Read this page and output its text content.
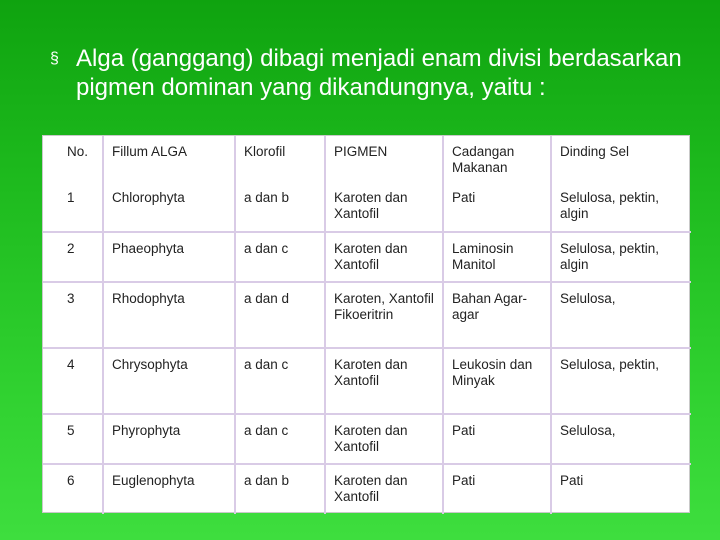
§ Alga (ganggang) dibagi menjadi enam divisi berdasarkan pigmen dominan yang dikandungnya, yaitu :
No.	Fillum ALGA	Klorofil	PIGMEN	Cadangan Makanan	Dinding Sel
1	Chlorophyta	a dan b	Karoten dan Xantofil	Pati	Selulosa, pektin, algin
2	Phaeophyta	a dan c	Karoten dan Xantofil	Laminosin Manitol	Selulosa, pektin, algin
3	Rhodophyta	a dan d	Karoten, Xantofil Fikoeritrin	Bahan Agar-agar	Selulosa,
4	Chrysophyta	a dan c	Karoten dan Xantofil	Leukosin dan Minyak	Selulosa, pektin,
5	Phyrophyta	a dan c	Karoten dan Xantofil	Pati	Selulosa,
6	Euglenophyta	a dan b	Karoten dan Xantofil	Pati	Pati
